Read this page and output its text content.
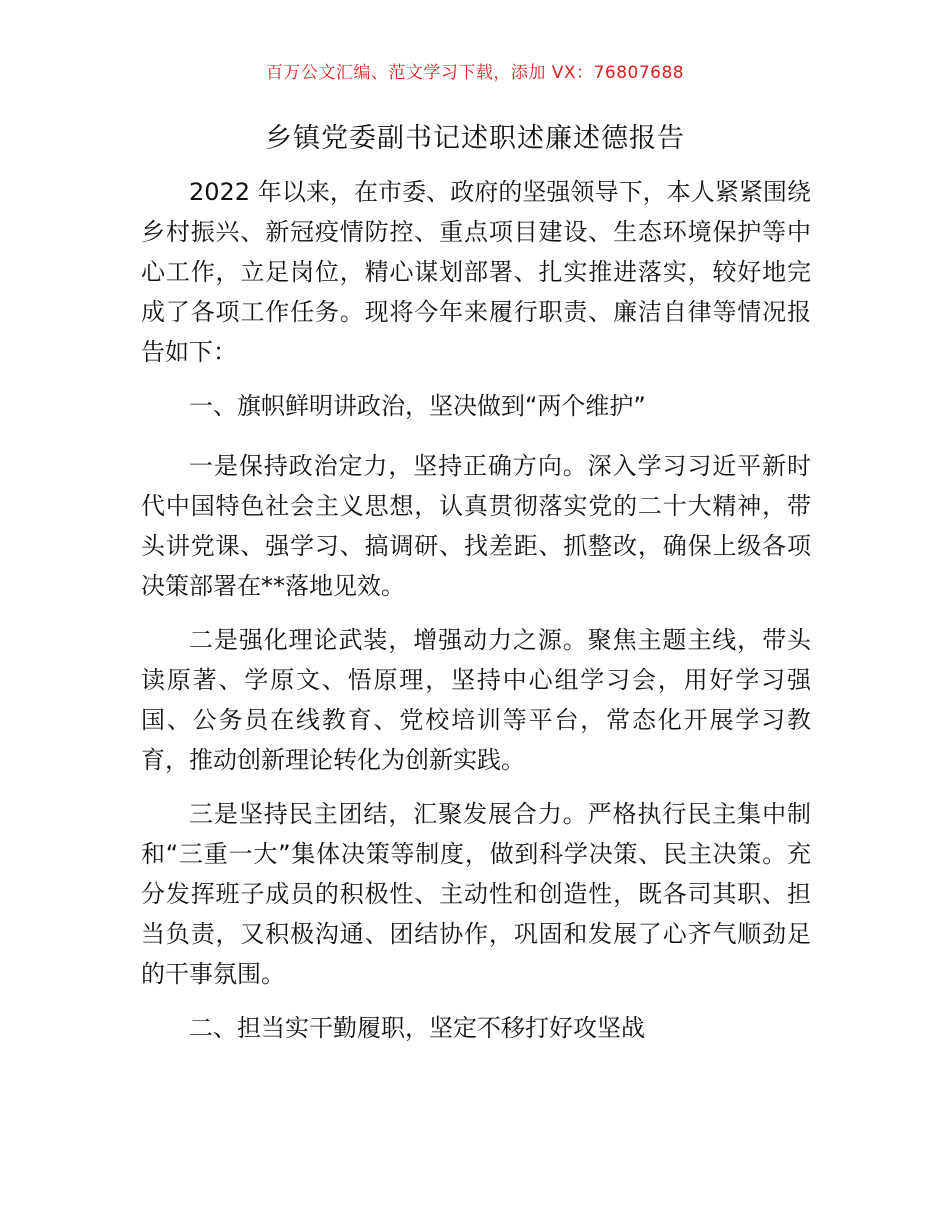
百万公文汇编、范文学习下载，添加 VX：76807688
乡镇党委副书记述职述廉述德报告

2022 年以来，在市委、政府的坚强领导下，本人紧紧围绕乡村振兴、新冠疫情防控、重点项目建设、生态环境保护等中心工作，立足岗位，精心谋划部署、扎实推进落实，较好地完成了各项工作任务。现将今年来履行职责、廉洁自律等情况报告如下：

一、旗帜鲜明讲政治，坚决做到“两个维护”

一是保持政治定力，坚持正确方向。深入学习习近平新时代中国特色社会主义思想，认真贯彻落实党的二十大精神，带头讲党课、强学习、搞调研、找差距、抓整改，确保上级各项决策部署在**落地见效。

二是强化理论武装，增强动力之源。聚焦主题主线，带头读原著、学原文、悟原理，坚持中心组学习会，用好学习强国、公务员在线教育、党校培训等平台，常态化开展学习教育，推动创新理论转化为创新实践。

三是坚持民主团结，汇聚发展合力。严格执行民主集中制和“三重一大”集体决策等制度，做到科学决策、民主决策。充分发挥班子成员的积极性、主动性和创造性，既各司其职、担当负责，又积极沟通、团结协作，巩固和发展了心齐气顺劲足的干事氛围。

二、担当实干勤履职，坚定不移打好攻坚战
